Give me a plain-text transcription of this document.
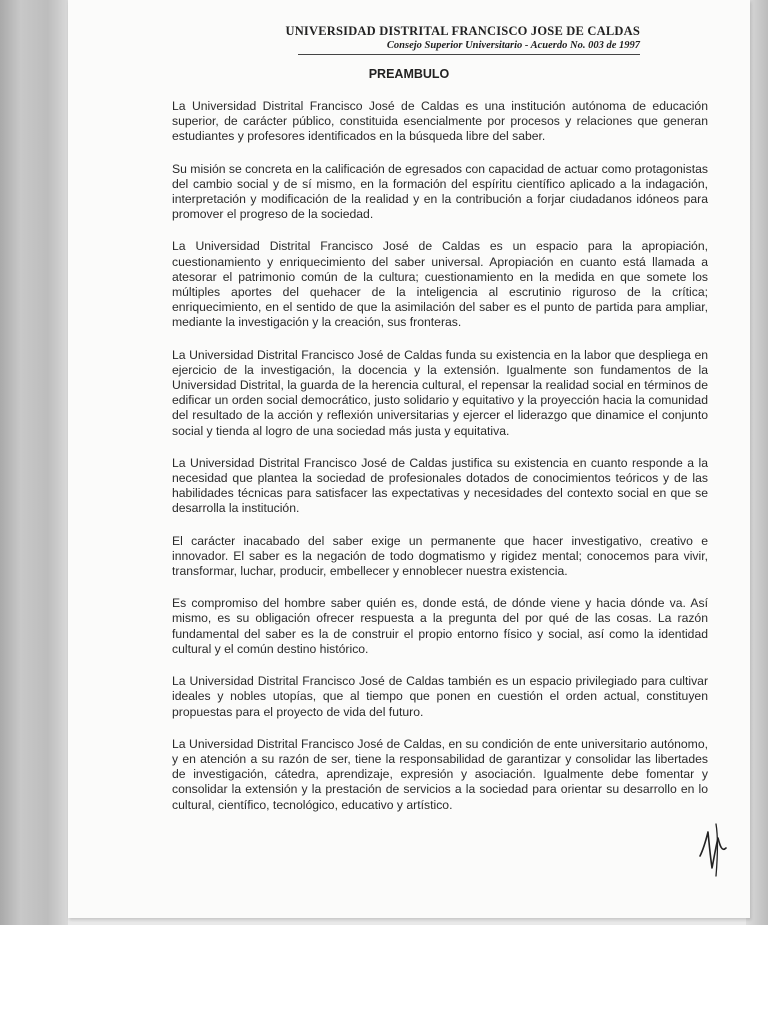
UNIVERSIDAD DISTRITAL FRANCISCO JOSE DE CALDAS
Consejo Superior Universitario - Acuerdo No. 003 de 1997
PREAMBULO

La Universidad Distrital Francisco José de Caldas es una institución autónoma de educación superior, de carácter público, constituida esencialmente por procesos y relaciones que generan estudiantes y profesores identificados en la búsqueda libre del saber.

Su misión se concreta en la calificación de egresados con capacidad de actuar como protagonistas del cambio social y de sí mismo, en la formación del espíritu científico aplicado a la indagación, interpretación y modificación de la realidad y en la contribución a forjar ciudadanos idóneos para promover el progreso de la sociedad.

La Universidad Distrital Francisco José de Caldas es un espacio para la apropiación, cuestionamiento y enriquecimiento del saber universal. Apropiación en cuanto está llamada a atesorar el patrimonio común de la cultura; cuestionamiento en la medida en que somete los múltiples aportes del quehacer de la inteligencia al escrutinio riguroso de la crítica; enriquecimiento, en el sentido de que la asimilación del saber es el punto de partida para ampliar, mediante la investigación y la creación, sus fronteras.

La Universidad Distrital Francisco José de Caldas funda su existencia en la labor que despliega en ejercicio de la investigación, la docencia y la extensión. Igualmente son fundamentos de la Universidad Distrital, la guarda de la herencia cultural, el repensar la realidad social en términos de edificar un orden social democrático, justo solidario y equitativo y la proyección hacia la comunidad del resultado de la acción y reflexión universitarias y ejercer el liderazgo que dinamice el conjunto social y tienda al logro de una sociedad más justa y equitativa.

La Universidad Distrital Francisco José de Caldas justifica su existencia en cuanto responde a la necesidad que plantea la sociedad de profesionales dotados de conocimientos teóricos y de las habilidades técnicas para satisfacer las expectativas y necesidades del contexto social en que se desarrolla la institución.

El carácter inacabado del saber exige un permanente que hacer investigativo, creativo e innovador. El saber es la negación de todo dogmatismo y rigidez mental; conocemos para vivir, transformar, luchar, producir, embellecer y ennoblecer nuestra existencia.

Es compromiso del hombre saber quién es, donde está, de dónde viene y hacia dónde va. Así mismo, es su obligación ofrecer respuesta a la pregunta del por qué de las cosas. La razón fundamental del saber es la de construir el propio entorno físico y social, así como la identidad cultural y el común destino histórico.

La Universidad Distrital Francisco José de Caldas también es un espacio privilegiado para cultivar ideales y nobles utopías, que al tiempo que ponen en cuestión el orden actual, constituyen propuestas para el proyecto de vida del futuro.

La Universidad Distrital Francisco José de Caldas, en su condición de ente universitario autónomo, y en atención a su razón de ser, tiene la responsabilidad de garantizar y consolidar las libertades de investigación, cátedra, aprendizaje, expresión y asociación. Igualmente debe fomentar y consolidar la extensión y la prestación de servicios a la sociedad para orientar su desarrollo en lo cultural, científico, tecnológico, educativo y artístico.
